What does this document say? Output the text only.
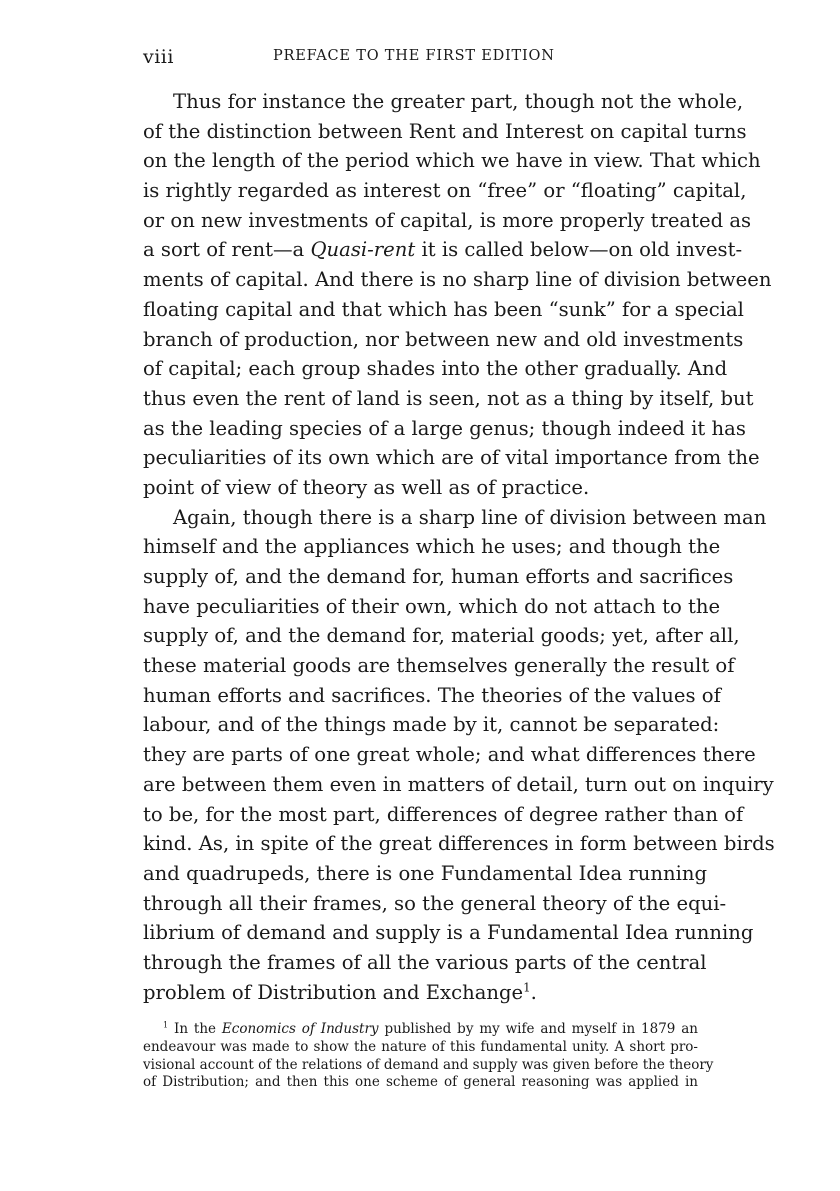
viii	PREFACE TO THE FIRST EDITION
Thus for instance the greater part, though not the whole,
of the distinction between Rent and Interest on capital turns
on the length of the period which we have in view. That which
is rightly regarded as interest on “free” or “floating” capital,
or on new investments of capital, is more properly treated as
a sort of rent—a Quasi-rent it is called below—on old invest-
ments of capital. And there is no sharp line of division between
floating capital and that which has been “sunk” for a special
branch of production, nor between new and old investments
of capital; each group shades into the other gradually. And
thus even the rent of land is seen, not as a thing by itself, but
as the leading species of a large genus; though indeed it has
peculiarities of its own which are of vital importance from the
point of view of theory as well as of practice.
Again, though there is a sharp line of division between man
himself and the appliances which he uses; and though the
supply of, and the demand for, human efforts and sacrifices
have peculiarities of their own, which do not attach to the
supply of, and the demand for, material goods; yet, after all,
these material goods are themselves generally the result of
human efforts and sacrifices. The theories of the values of
labour, and of the things made by it, cannot be separated:
they are parts of one great whole; and what differences there
are between them even in matters of detail, turn out on inquiry
to be, for the most part, differences of degree rather than of
kind. As, in spite of the great differences in form between birds
and quadrupeds, there is one Fundamental Idea running
through all their frames, so the general theory of the equi-
librium of demand and supply is a Fundamental Idea running
through the frames of all the various parts of the central
problem of Distribution and Exchange$^1$.
$^1$ In the Economics of Industry published by my wife and myself in 1879 an
endeavour was made to show the nature of this fundamental unity. A short pro-
visional account of the relations of demand and supply was given before the theory
of Distribution; and then this one scheme of general reasoning was applied in
